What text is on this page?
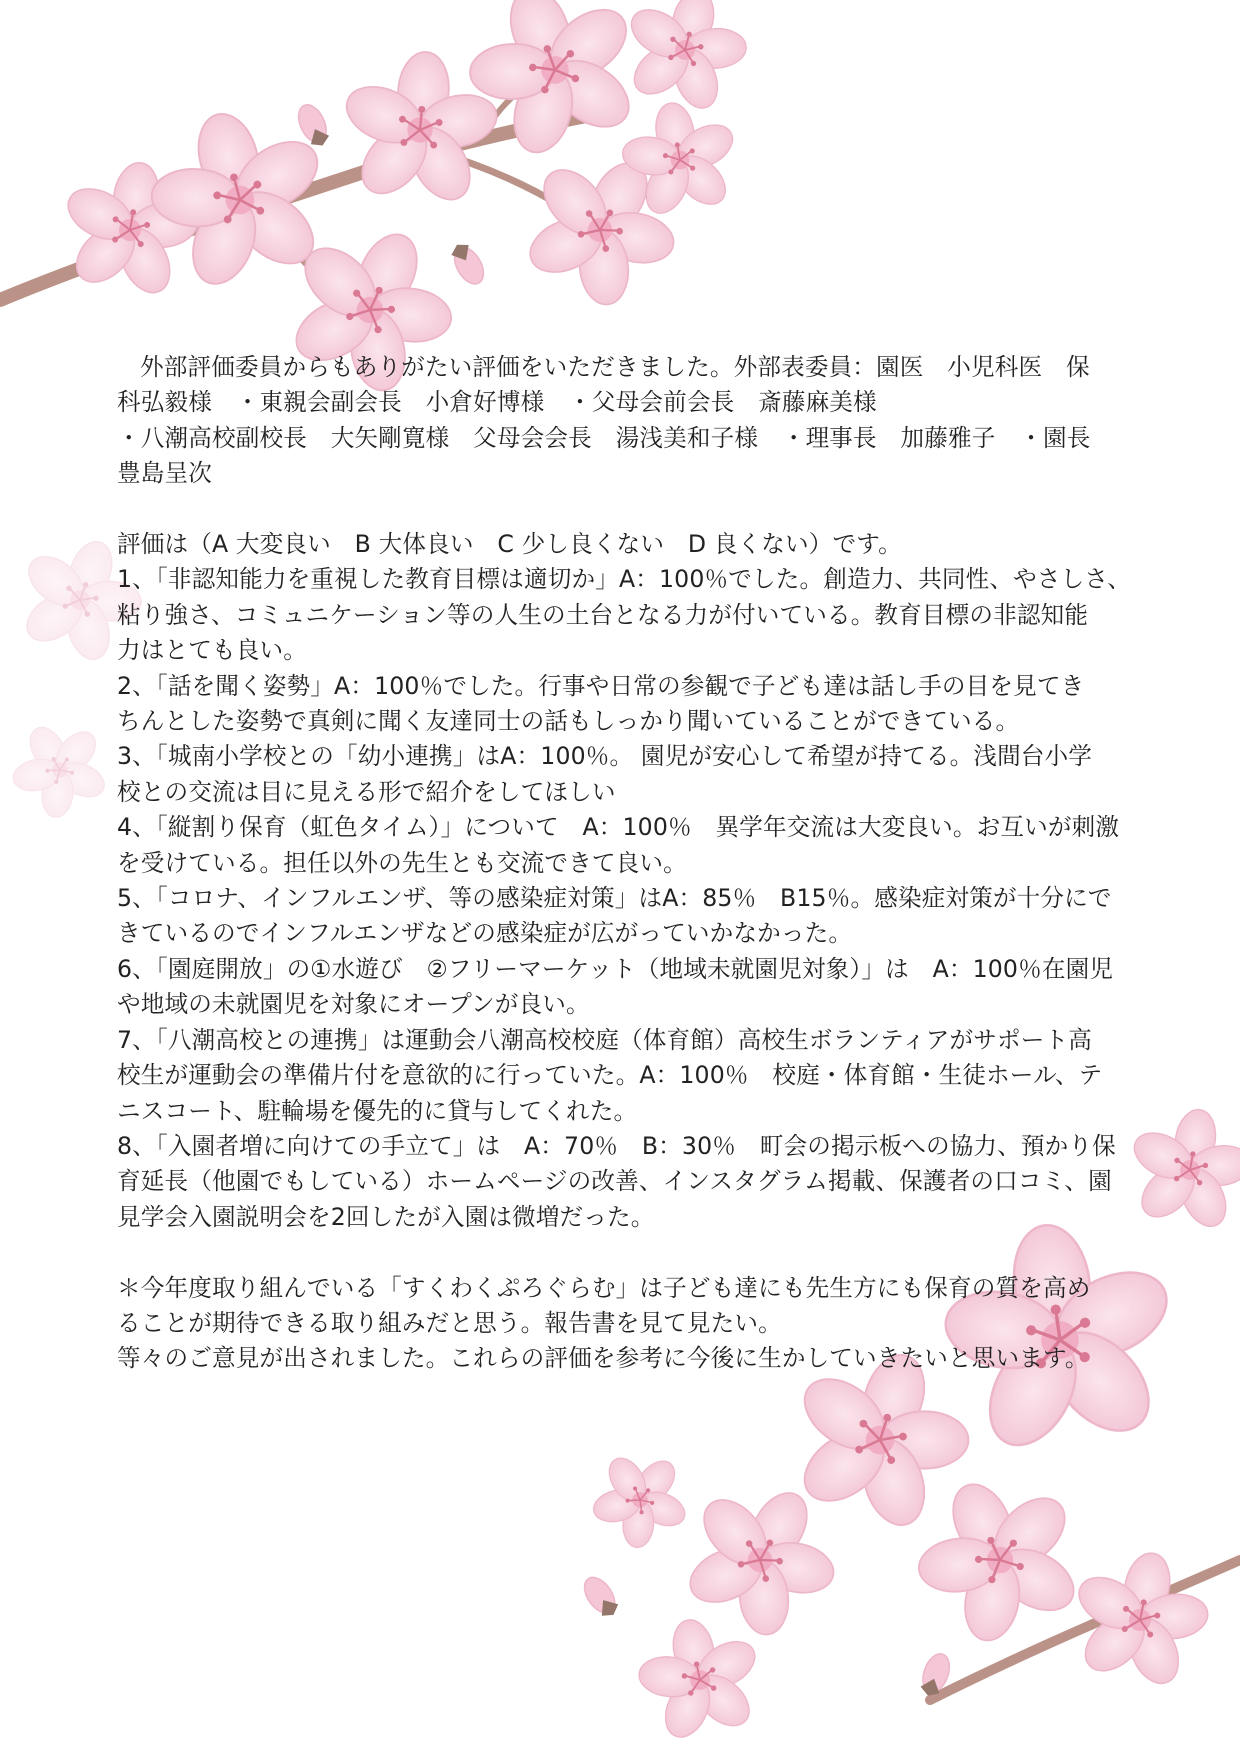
外部評価委員からもありがたい評価をいただきました。外部表委員：園医　小児科医　保

科弘毅様　・東親会副会長　小倉好博様　・父母会前会長　斎藤麻美様

・八潮高校副校長　大矢剛寛様　父母会会長　湯浅美和子様　・理事長　加藤雅子　・園長

豊島呈次

評価は（A 大変良い　B 大体良い　C 少し良くない　D 良くない）です。

1、「非認知能力を重視した教育目標は適切か」A：100％でした。創造力、共同性、やさしさ、

粘り強さ、コミュニケーション等の人生の土台となる力が付いている。教育目標の非認知能

力はとても良い。

2、「話を聞く姿勢」A：100％でした。行事や日常の参観で子ども達は話し手の目を見てき

ちんとした姿勢で真剣に聞く友達同士の話もしっかり聞いていることができている。

3、「城南小学校との「幼小連携」はA：100％。 園児が安心して希望が持てる。浅間台小学

校との交流は目に見える形で紹介をしてほしい

4、「縦割り保育（虹色タイム）」について　A：100％　異学年交流は大変良い。お互いが刺激

を受けている。担任以外の先生とも交流できて良い。

5、「コロナ、インフルエンザ、等の感染症対策」はA：85％　B15％。感染症対策が十分にで

きているのでインフルエンザなどの感染症が広がっていかなかった。

6、「園庭開放」の①水遊び　②フリーマーケット（地域未就園児対象）」は　A：100％在園児

や地域の未就園児を対象にオープンが良い。

7、「八潮高校との連携」は運動会八潮高校校庭（体育館）高校生ボランティアがサポート高

校生が運動会の準備片付を意欲的に行っていた。A：100％　校庭・体育館・生徒ホール、テ

ニスコート、駐輪場を優先的に貸与してくれた。

8、「入園者増に向けての手立て」は　A：70％　B：30％　町会の掲示板への協力、預かり保

育延長（他園でもしている）ホームページの改善、インスタグラム掲載、保護者の口コミ、園

見学会入園説明会を2回したが入園は微増だった。

＊今年度取り組んでいる「すくわくぷろぐらむ」は子ども達にも先生方にも保育の質を高め

ることが期待できる取り組みだと思う。報告書を見て見たい。

等々のご意見が出されました。これらの評価を参考に今後に生かしていきたいと思います。
